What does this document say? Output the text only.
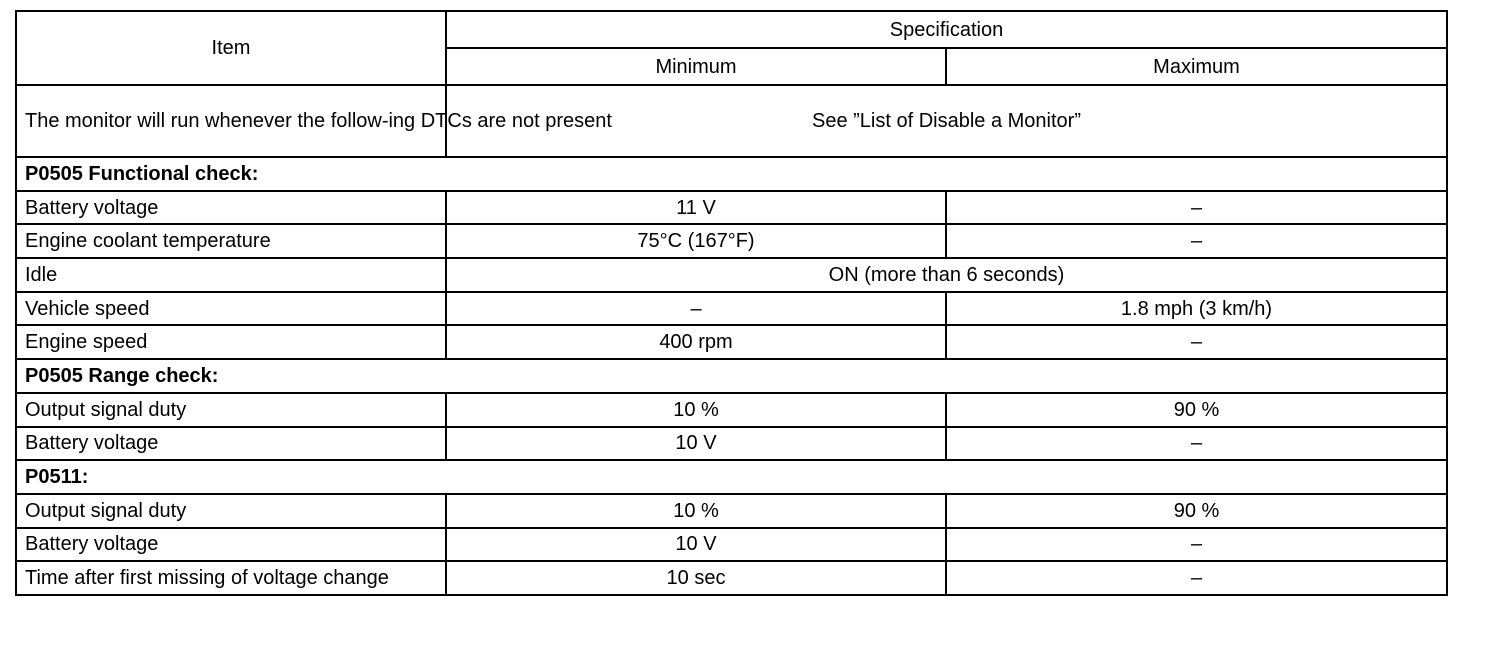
Item	Specification	
	Minimum	Maximum
The monitor will run whenever the follow-ing DTCs are not present	See ”List of Disable a Monitor”	
P0505 Functional check:		
Battery voltage	11 V	–
Engine coolant temperature	75°C (167°F)	–
Idle	ON (more than 6 seconds)	
Vehicle speed	–	1.8 mph (3 km/h)
Engine speed	400 rpm	–
P0505 Range check:		
Output signal duty	10 %	90 %
Battery voltage	10 V	–
P0511:		
Output signal duty	10 %	90 %
Battery voltage	10 V	–
Time after first missing of voltage change	10 sec	–
